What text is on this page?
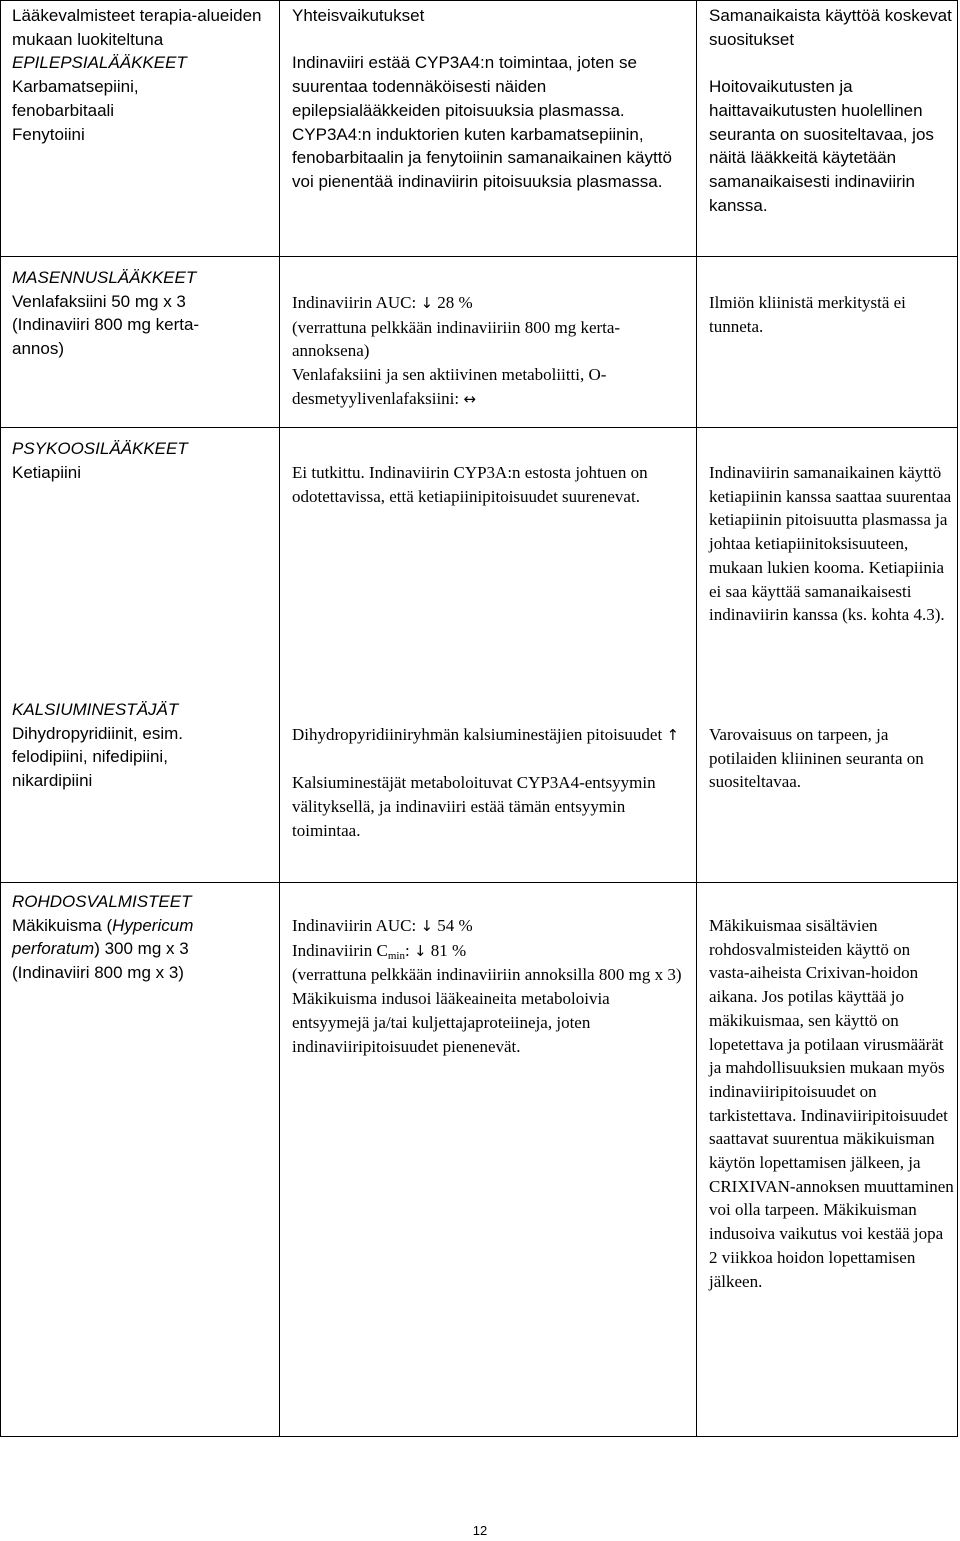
Lääkevalmisteet terapia-alueiden mukaan luokiteltuna

EPILEPSIALÄÄKKEET

Karbamatsepiini,

fenobarbitaali

Fenytoiini

Yhteisvaikutukset

Indinaviiri estää CYP3A4:n toimintaa, joten se suurentaa todennäköisesti näiden epilepsialääkkeiden pitoisuuksia plasmassa. CYP3A4:n induktorien kuten karbamatsepiinin, fenobarbitaalin ja fenytoiinin samanaikainen käyttö voi pienentää indinaviirin pitoisuuksia plasmassa.

Samanaikaista käyttöä koskevat suositukset

Hoitovaikutusten ja haittavaikutusten huolellinen seuranta on suositeltavaa, jos näitä lääkkeitä käytetään samanaikaisesti indinaviirin kanssa.

MASENNUSLÄÄKKEET

Venlafaksiini 50 mg x 3

(Indinaviiri 800 mg kerta-

annos)

Indinaviirin AUC: ↓ 28 %

(verrattuna pelkkään indinaviiriin 800 mg kerta-annoksena)

Venlafaksiini ja sen aktiivinen metaboliitti, O-desmetyylivenlafaksiini: ↔

Ilmiön kliinistä merkitystä ei tunneta.

PSYKOOSILÄÄKKEET

Ketiapiini	Ei tutkittu. Indinaviirin CYP3A:n estosta johtuen on odotettavissa, että ketiapiinipitoisuudet suurenevat.

Indinaviirin samanaikainen käyttö ketiapiinin kanssa saattaa suurentaa ketiapiinin pitoisuutta plasmassa ja johtaa ketiapiinitoksisuuteen, mukaan lukien kooma. Ketiapiinia ei saa käyttää samanaikaisesti indinaviirin kanssa (ks. kohta 4.3).

KALSIUMINESTÄJÄT

Dihydropyridiinit, esim.

felodipiini, nifedipiini,

nikardipiini

Dihydropyridiiniryhmän kalsiuminestäjien pitoisuudet ↑

Kalsiuminestäjät metaboloituvat CYP3A4-entsyymin välityksellä, ja indinaviiri estää tämän entsyymin toimintaa.

Varovaisuus on tarpeen, ja potilaiden kliininen seuranta on suositeltavaa.

ROHDOSVALMISTEET

Mäkikuisma (Hypericum

perforatum) 300 mg x 3

(Indinaviiri 800 mg x 3)

Indinaviirin AUC: ↓ 54 %

Indinaviirin $C_{min}$: ↓ 81 %

(verrattuna pelkkään indinaviiriin annoksilla 800 mg x 3) Mäkikuisma indusoi lääkeaineita metaboloivia entsyymejä ja/tai kuljettajaproteiineja, joten indinaviiripitoisuudet pienenevät.

Mäkikuismaa sisältävien rohdosvalmisteiden käyttö on vasta-aiheista Crixivan-hoidon aikana. Jos potilas käyttää jo mäkikuismaa, sen käyttö on lopetettava ja potilaan virusmäärät ja mahdollisuuksien mukaan myös indinaviiripitoisuudet on tarkistettava. Indinaviiripitoisuudet saattavat suurentua mäkikuisman käytön lopettamisen jälkeen, ja CRIXIVAN-annoksen muuttaminen voi olla tarpeen. Mäkikuisman indusoiva vaikutus voi kestää jopa 2 viikkoa hoidon lopettamisen jälkeen.

12
